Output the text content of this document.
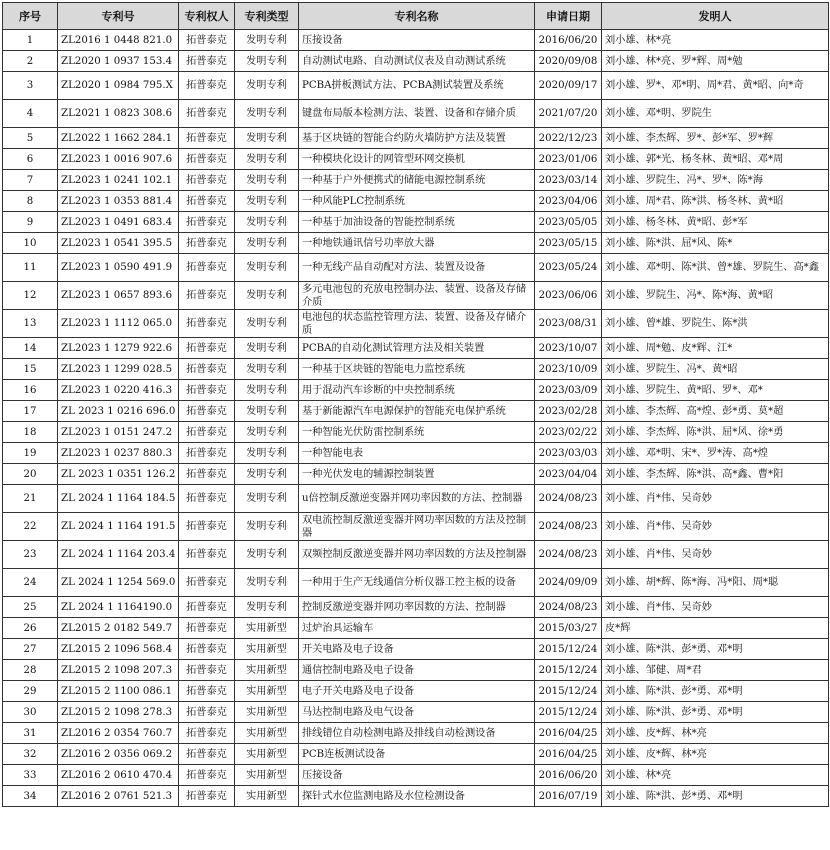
序号	专利号	专利权人	专利类型	专利名称	申请日期	发明人
1	ZL2016 1 0448 821.0	拓普泰克	发明专利	压接设备	2016/06/20	刘小雄、林*亮
2	ZL2020 1 0937 153.4	拓普泰克	发明专利	自动测试电路、自动测试仪表及自动测试系统	2020/09/08	刘小雄、林*亮、罗*辉、周*勉
3	ZL2020 1 0984 795.X	拓普泰克	发明专利	PCBA拼板测试方法、PCBA测试装置及系统	2020/09/17	刘小雄、罗*、邓*明、周*君、黄*昭、向*奇
4	ZL2021 1 0823 308.6	拓普泰克	发明专利	键盘布局版本检测方法、装置、设备和存储介质	2021/07/20	刘小雄、邓*明、罗院生
5	ZL2022 1 1662 284.1	拓普泰克	发明专利	基于区块链的智能合约防火墙防护方法及装置	2022/12/23	刘小雄、李杰辉、罗*、彭*军、罗*辉
6	ZL2023 1 0016 907.6	拓普泰克	发明专利	一种模块化设计的网管型环网交换机	2023/01/06	刘小雄、郭*光、杨冬林、黄*昭、邓*周
7	ZL2023 1 0241 102.1	拓普泰克	发明专利	一种基于户外便携式的储能电源控制系统	2023/03/14	刘小雄、罗院生、冯*、罗*、陈*海
8	ZL2023 1 0353 881.4	拓普泰克	发明专利	一种风能PLC控制系统	2023/04/06	刘小雄、周*君、陈*洪、杨冬林、黄*昭
9	ZL2023 1 0491 683.4	拓普泰克	发明专利	一种基于加油设备的智能控制系统	2023/05/05	刘小雄、杨冬林、黄*昭、彭*军
10	ZL2023 1 0541 395.5	拓普泰克	发明专利	一种地铁通讯信号功率放大器	2023/05/15	刘小雄、陈*洪、屈*风、陈*
11	ZL2023 1 0590 491.9	拓普泰克	发明专利	一种无线产品自动配对方法、装置及设备	2023/05/24	刘小雄、邓*明、陈*洪、曾*雄、罗院生、高*鑫
12	ZL2023 1 0657 893.6	拓普泰克	发明专利	多元电池包的充放电控制办法、装置、设备及存储介质	2023/06/06	刘小雄、罗院生、冯*、陈*海、黄*昭
13	ZL2023 1 1112 065.0	拓普泰克	发明专利	电池包的状态监控管理方法、装置、设备及存储介质	2023/08/31	刘小雄、曾*雄、罗院生、陈*洪
14	ZL2023 1 1279 922.6	拓普泰克	发明专利	PCBA的自动化测试管理方法及相关装置	2023/10/07	刘小雄、周*勉、皮*辉、江*
15	ZL2023 1 1299 028.5	拓普泰克	发明专利	一种基于区块链的智能电力监控系统	2023/10/09	刘小雄、罗院生、冯*、黄*昭
16	ZL2023 1 0220 416.3	拓普泰克	发明专利	用于混动汽车诊断的中央控制系统	2023/03/09	刘小雄、罗院生、黄*昭、罗*、邓*
17	ZL 2023 1 0216 696.0	拓普泰克	发明专利	基于新能源汽车电源保护的智能充电保护系统	2023/02/28	刘小雄、李杰辉、高*煌、彭*勇、莫*超
18	ZL2023 1 0151 247.2	拓普泰克	发明专利	一种智能光伏防雷控制系统	2023/02/22	刘小雄、李杰辉、陈*洪、屈*风、徐*勇
19	ZL2023 1 0237 880.3	拓普泰克	发明专利	一种智能电表	2023/03/03	刘小雄、邓*明、宋*、罗*涛、高*煌
20	ZL 2023 1 0351 126.2	拓普泰克	发明专利	一种光伏发电的辅源控制装置	2023/04/04	刘小雄、李杰辉、陈*洪、高*鑫、曹*阳
21	ZL 2024 1 1164 184.5	拓普泰克	发明专利	u倍控制反激逆变器并网功率因数的方法、控制器	2024/08/23	刘小雄、肖*伟、吴奇妙
22	ZL 2024 1 1164 191.5	拓普泰克	发明专利	双电流控制反激逆变器并网功率因数的方法及控制器	2024/08/23	刘小雄、肖*伟、吴奇妙
23	ZL 2024 1 1164 203.4	拓普泰克	发明专利	双频控制反激逆变器并网功率因数的方法及控制器	2024/08/23	刘小雄、肖*伟、吴奇妙
24	ZL 2024 1 1254 569.0	拓普泰克	发明专利	一种用于生产无线通信分析仪器工控主板的设备	2024/09/09	刘小雄、胡*辉、陈*海、冯*阳、周*聪
25	ZL 2024 1 1164190.0	拓普泰克	发明专利	控制反激逆变器并网功率因数的方法、控制器	2024/08/23	刘小雄、肖*伟、吴奇妙
26	ZL2015 2 0182 549.7	拓普泰克	实用新型	过炉治具运输车	2015/03/27	皮*辉
27	ZL2015 2 1096 568.4	拓普泰克	实用新型	开关电路及电子设备	2015/12/24	刘小雄、陈*洪、彭*勇、邓*明
28	ZL2015 2 1098 207.3	拓普泰克	实用新型	通信控制电路及电子设备	2015/12/24	刘小雄、邹健、周*君
29	ZL2015 2 1100 086.1	拓普泰克	实用新型	电子开关电路及电子设备	2015/12/24	刘小雄、陈*洪、彭*勇、邓*明
30	ZL2015 2 1098 278.3	拓普泰克	实用新型	马达控制电路及电气设备	2015/12/24	刘小雄、陈*洪、彭*勇、邓*明
31	ZL2016 2 0354 760.7	拓普泰克	实用新型	排线错位自动检测电路及排线自动检测设备	2016/04/25	刘小雄、皮*辉、林*亮
32	ZL2016 2 0356 069.2	拓普泰克	实用新型	PCB连板测试设备	2016/04/25	刘小雄、皮*辉、林*亮
33	ZL2016 2 0610 470.4	拓普泰克	实用新型	压接设备	2016/06/20	刘小雄、林*亮
34	ZL2016 2 0761 521.3	拓普泰克	实用新型	探针式水位监测电路及水位检测设备	2016/07/19	刘小雄、陈*洪、彭*勇、邓*明
